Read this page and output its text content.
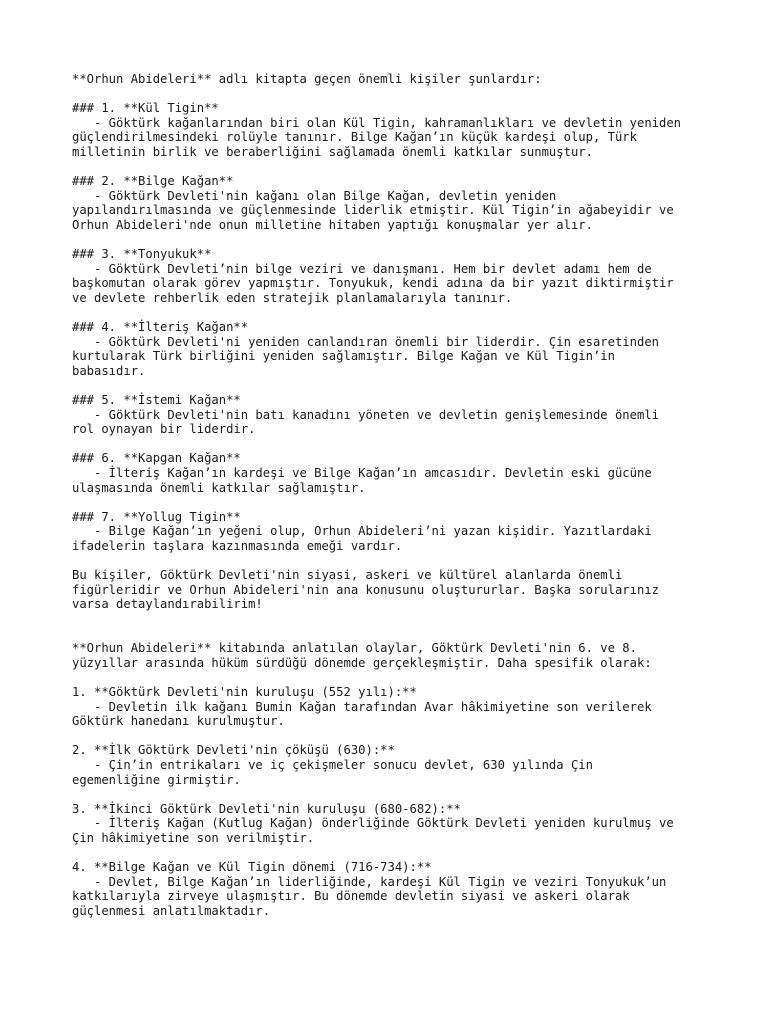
**Orhun Abideleri** adlı kitapta geçen önemli kişiler şunlardır:
### 1. **Kül Tigin**
- Göktürk kağanlarından biri olan Kül Tigin, kahramanlıkları ve devletin yeniden
güçlendirilmesindeki rolüyle tanınır. Bilge Kağan’ın küçük kardeşi olup, Türk
milletinin birlik ve beraberliğini sağlamada önemli katkılar sunmuştur.
### 2. **Bilge Kağan**
- Göktürk Devleti'nin kağanı olan Bilge Kağan, devletin yeniden
yapılandırılmasında ve güçlenmesinde liderlik etmiştir. Kül Tigin’in ağabeyidir ve
Orhun Abideleri'nde onun milletine hitaben yaptığı konuşmalar yer alır.
### 3. **Tonyukuk**
- Göktürk Devleti’nin bilge veziri ve danışmanı. Hem bir devlet adamı hem de
başkomutan olarak görev yapmıştır. Tonyukuk, kendi adına da bir yazıt diktirmiştir
ve devlete rehberlik eden stratejik planlamalarıyla tanınır.
### 4. **İlteriş Kağan**
- Göktürk Devleti'ni yeniden canlandıran önemli bir liderdir. Çin esaretinden
kurtularak Türk birliğini yeniden sağlamıştır. Bilge Kağan ve Kül Tigin’in
babasıdır.
### 5. **İstemi Kağan**
- Göktürk Devleti'nin batı kanadını yöneten ve devletin genişlemesinde önemli
rol oynayan bir liderdir.
### 6. **Kapgan Kağan**
- İlteriş Kağan’ın kardeşi ve Bilge Kağan’ın amcasıdır. Devletin eski gücüne
ulaşmasında önemli katkılar sağlamıştır.
### 7. **Yollug Tigin**
- Bilge Kağan’ın yeğeni olup, Orhun Abideleri’ni yazan kişidir. Yazıtlardaki
ifadelerin taşlara kazınmasında emeği vardır.
Bu kişiler, Göktürk Devleti'nin siyasi, askeri ve kültürel alanlarda önemli
figürleridir ve Orhun Abideleri'nin ana konusunu oluştururlar. Başka sorularınız
varsa detaylandırabilirim!
**Orhun Abideleri** kitabında anlatılan olaylar, Göktürk Devleti'nin 6. ve 8.
yüzyıllar arasında hüküm sürdüğü dönemde gerçekleşmiştir. Daha spesifik olarak:
1. **Göktürk Devleti'nin kuruluşu (552 yılı):**
- Devletin ilk kağanı Bumin Kağan tarafından Avar hâkimiyetine son verilerek
Göktürk hanedanı kurulmuştur.
2. **İlk Göktürk Devleti'nin çöküşü (630):**
- Çin’in entrikaları ve iç çekişmeler sonucu devlet, 630 yılında Çin
egemenliğine girmiştir.
3. **İkinci Göktürk Devleti'nin kuruluşu (680-682):**
- İlteriş Kağan (Kutlug Kağan) önderliğinde Göktürk Devleti yeniden kurulmuş ve
Çin hâkimiyetine son verilmiştir.
4. **Bilge Kağan ve Kül Tigin dönemi (716-734):**
- Devlet, Bilge Kağan’ın liderliğinde, kardeşi Kül Tigin ve veziri Tonyukuk’un
katkılarıyla zirveye ulaşmıştır. Bu dönemde devletin siyasi ve askeri olarak
güçlenmesi anlatılmaktadır.
